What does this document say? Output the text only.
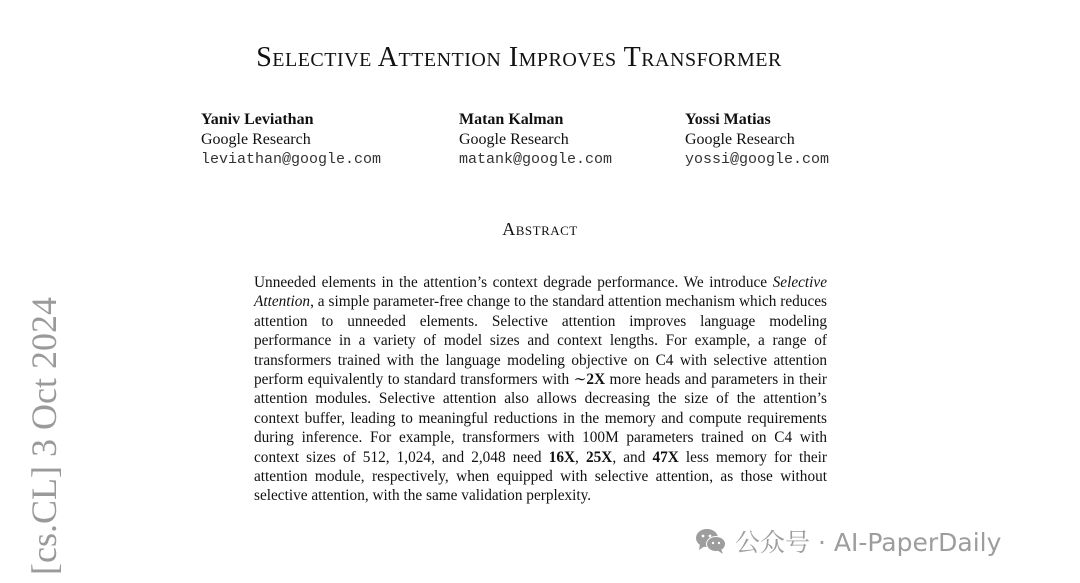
Selective Attention Improves Transformer
Yaniv Leviathan
Google Research
leviathan@google.com
Matan Kalman
Google Research
matank@google.com
Yossi Matias
Google Research
yossi@google.com
Abstract
Unneeded elements in the attention’s context degrade performance. We introduce Selective Attention, a simple parameter-free change to the standard attention mechanism which reduces attention to unneeded elements. Selective attention improves language modeling performance in a variety of model sizes and context lengths. For example, a range of transformers trained with the language modeling objective on C4 with selective attention perform equivalently to standard transformers with ∼2X more heads and parameters in their attention modules. Selective attention also allows decreasing the size of the attention’s context buffer, leading to meaningful reductions in the memory and compute requirements during inference. For example, transformers with 100M parameters trained on C4 with context sizes of 512, 1,024, and 2,048 need 16X, 25X, and 47X less memory for their attention module, respectively, when equipped with selective attention, as those without selective attention, with the same validation perplexity.
[cs.CL] 3 Oct 2024	公众号 · AI-PaperDaily
